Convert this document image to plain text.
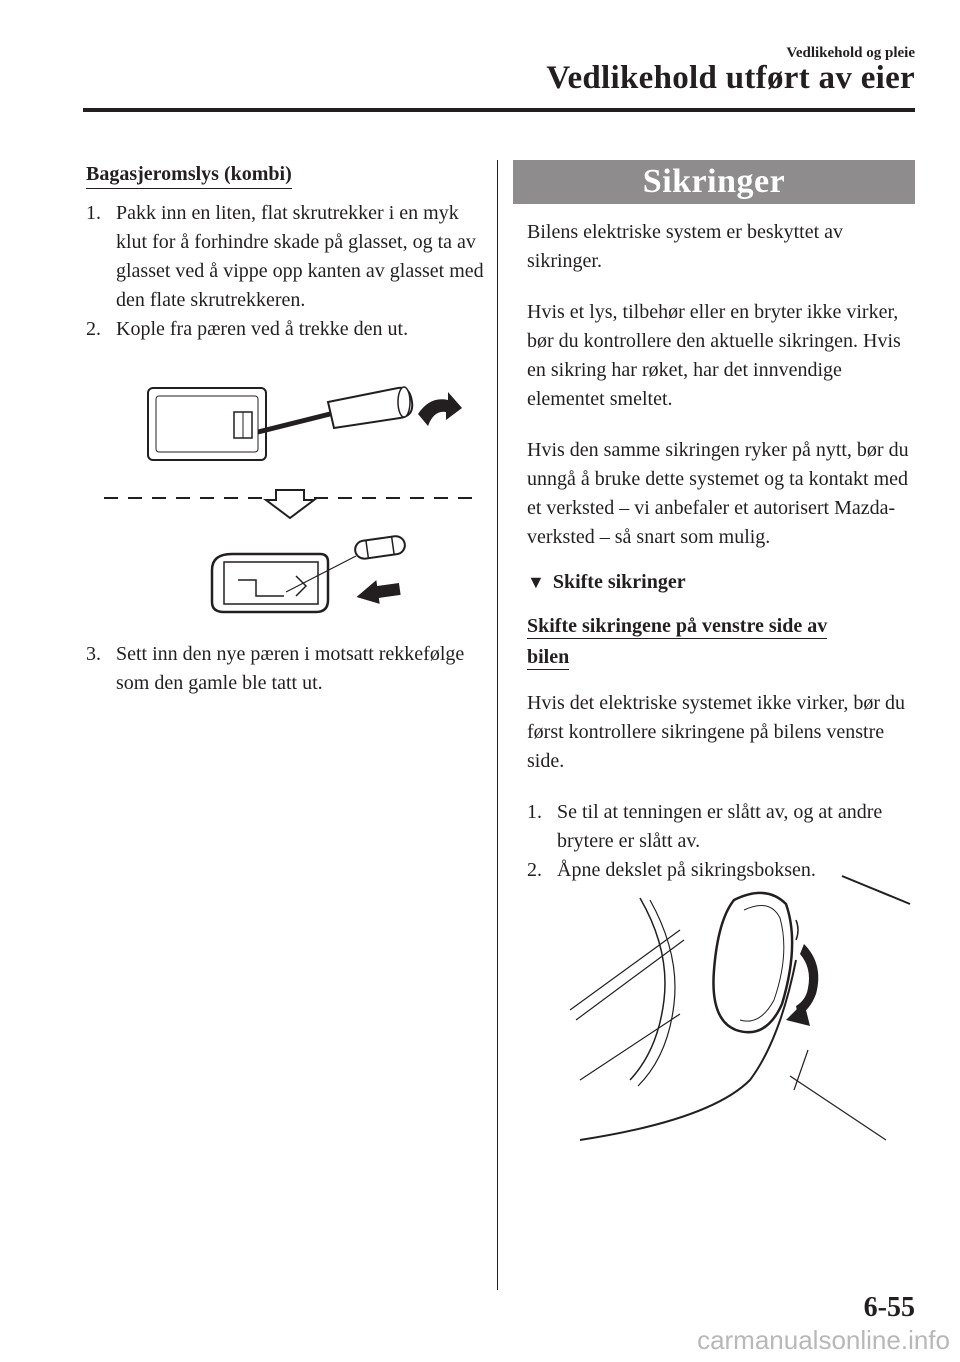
Vedlikehold og pleie
Vedlikehold utført av eier
Bagasjeromslys (kombi)
1. Pakk inn en liten, flat skrutrekker i en myk klut for å forhindre skade på glasset, og ta av glasset ved å vippe opp kanten av glasset med den flate skrutrekkeren.
2. Kople fra pæren ved å trekke den ut.
3. Sett inn den nye pæren i motsatt rekkefølge som den gamle ble tatt ut.
Sikringer

Bilens elektriske system er beskyttet av sikringer.

Hvis et lys, tilbehør eller en bryter ikke virker, bør du kontrollere den aktuelle sikringen. Hvis en sikring har røket, har det innvendige elementet smeltet.

Hvis den samme sikringen ryker på nytt, bør du unngå å bruke dette systemet og ta kontakt med et verksted – vi anbefaler et autorisert Mazda-verksted – så snart som mulig.

▼ Skifte sikringer
Skifte sikringene på venstre side av bilen

Hvis det elektriske systemet ikke virker, bør du først kontrollere sikringene på bilens venstre side.

1. Se til at tenningen er slått av, og at andre brytere er slått av.
2. Åpne dekslet på sikringsboksen.
6-55
carmanualsonline.info
